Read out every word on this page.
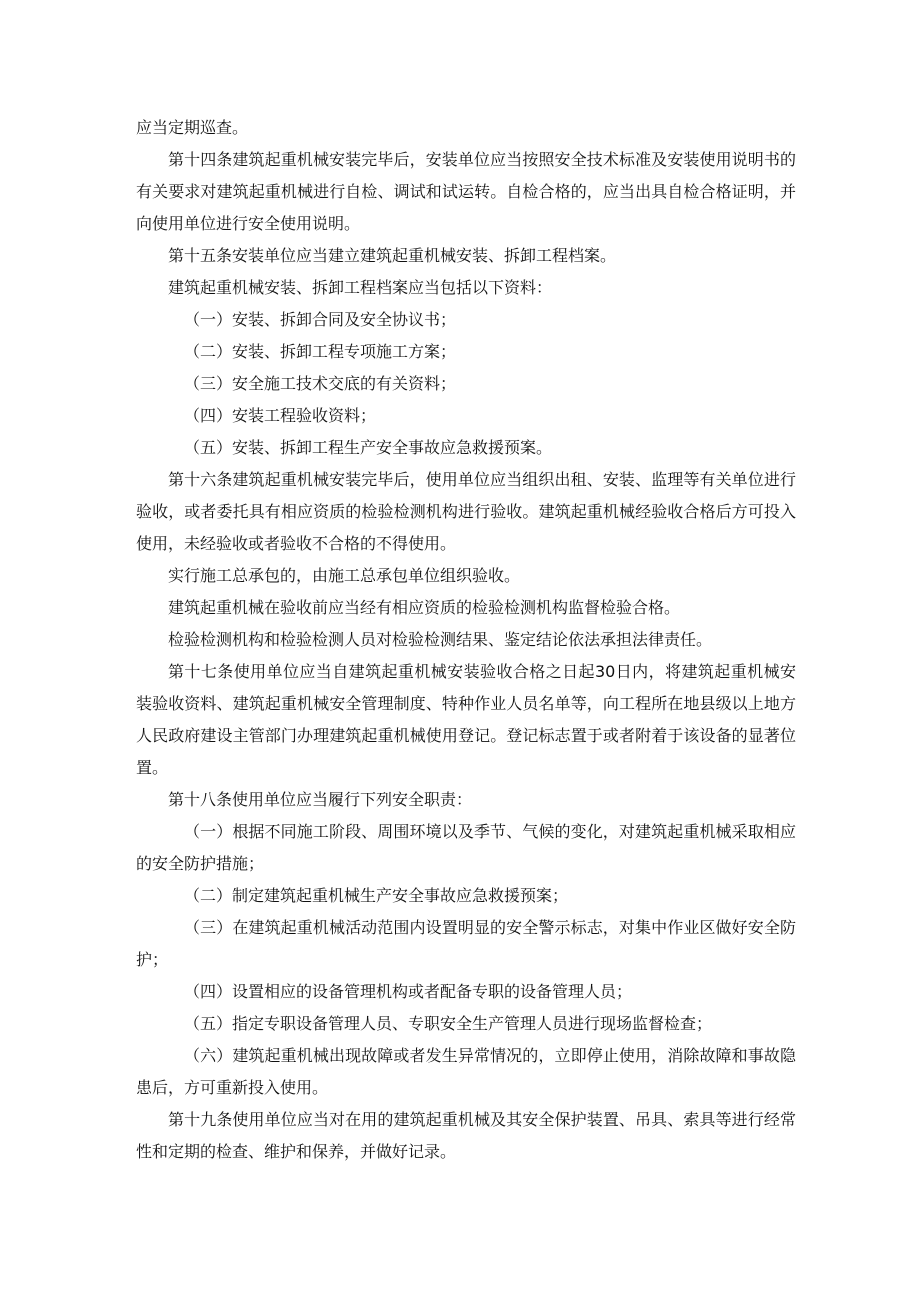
应当定期巡查。

第十四条建筑起重机械安装完毕后，安装单位应当按照安全技术标准及安装使用说明书的有关要求对建筑起重机械进行自检、调试和试运转。自检合格的，应当出具自检合格证明，并向使用单位进行安全使用说明。

第十五条安装单位应当建立建筑起重机械安装、拆卸工程档案。

建筑起重机械安装、拆卸工程档案应当包括以下资料：

（一）安装、拆卸合同及安全协议书；

（二）安装、拆卸工程专项施工方案；

（三）安全施工技术交底的有关资料；

（四）安装工程验收资料；

（五）安装、拆卸工程生产安全事故应急救援预案。

第十六条建筑起重机械安装完毕后，使用单位应当组织出租、安装、监理等有关单位进行验收，或者委托具有相应资质的检验检测机构进行验收。建筑起重机械经验收合格后方可投入使用，未经验收或者验收不合格的不得使用。

实行施工总承包的，由施工总承包单位组织验收。

建筑起重机械在验收前应当经有相应资质的检验检测机构监督检验合格。

检验检测机构和检验检测人员对检验检测结果、鉴定结论依法承担法律责任。

第十七条使用单位应当自建筑起重机械安装验收合格之日起30日内，将建筑起重机械安装验收资料、建筑起重机械安全管理制度、特种作业人员名单等，向工程所在地县级以上地方人民政府建设主管部门办理建筑起重机械使用登记。登记标志置于或者附着于该设备的显著位置。

第十八条使用单位应当履行下列安全职责：

（一）根据不同施工阶段、周围环境以及季节、气候的变化，对建筑起重机械采取相应的安全防护措施；

（二）制定建筑起重机械生产安全事故应急救援预案；

（三）在建筑起重机械活动范围内设置明显的安全警示标志，对集中作业区做好安全防护；

（四）设置相应的设备管理机构或者配备专职的设备管理人员；

（五）指定专职设备管理人员、专职安全生产管理人员进行现场监督检查；

（六）建筑起重机械出现故障或者发生异常情况的，立即停止使用，消除故障和事故隐患后，方可重新投入使用。

第十九条使用单位应当对在用的建筑起重机械及其安全保护装置、吊具、索具等进行经常性和定期的检查、维护和保养，并做好记录。
